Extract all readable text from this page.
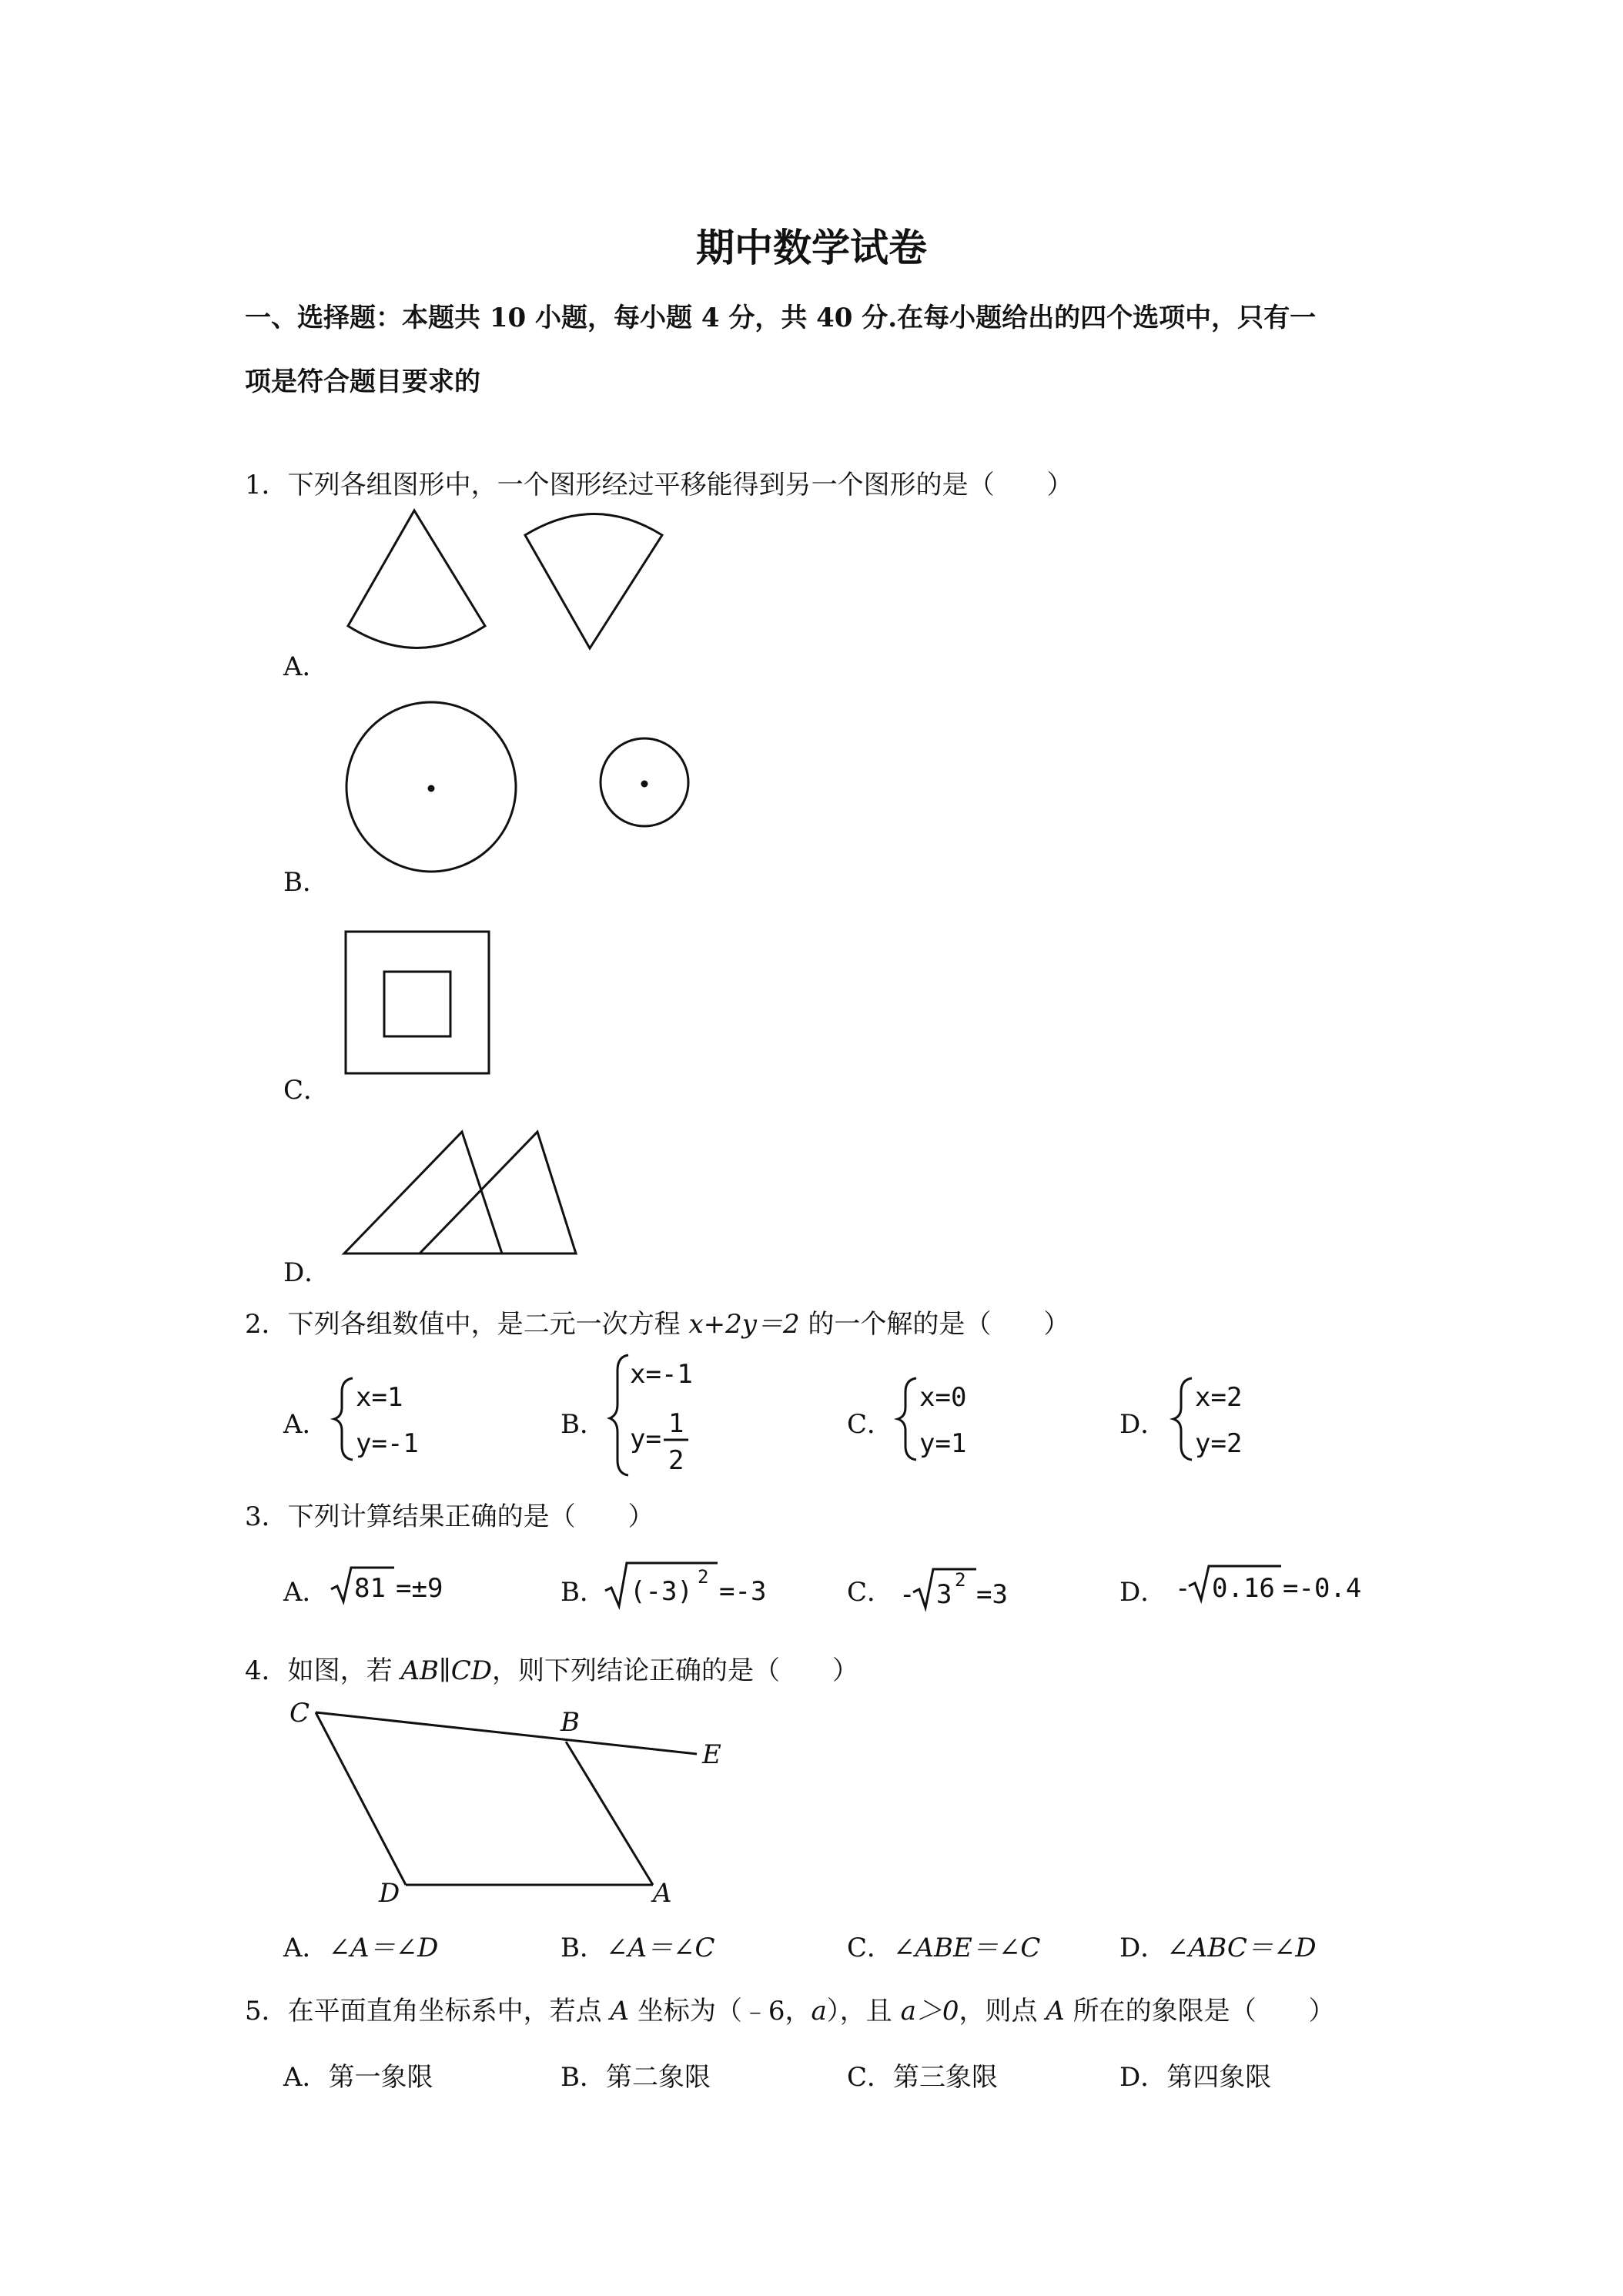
期中数学试卷
一、选择题：本题共 10 小题，每小题 4 分，共 40 分.在每小题给出的四个选项中，只有一
项是符合题目要求的
1．下列各组图形中，一个图形经过平移能得到另一个图形的是（　　）
A．
B．
C．
D．
2．下列各组数值中，是二元一次方程 x+2y＝2 的一个解的是（　　）
A．	B．	C．	D．
x=1
y=-1
x=-1
y= 1
2
x=0
y=1
x=2
y=2
3．下列计算结果正确的是（　　）
A．	B．	C．	D．
81 =±9	(-3) 2 =-3	- 3 2 =3	- 0.16 =-0.4
4．如图，若 AB∥CD，则下列结论正确的是（　　）
C	B
E
D	A
A．∠A＝∠D	B．∠A＝∠C	C．∠ABE＝∠C	D．∠ABC＝∠D
5．在平面直角坐标系中，若点 A 坐标为（﹣6，a），且 a＞0，则点 A 所在的象限是（　　）
A．第一象限	B．第二象限	C．第三象限	D．第四象限
